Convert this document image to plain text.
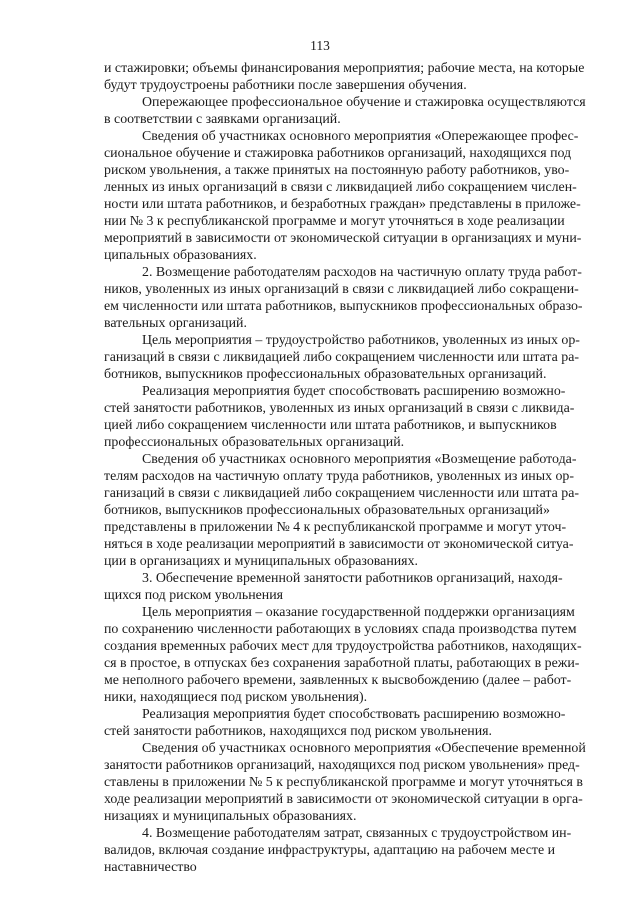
113

и стажировки; объемы финансирования мероприятия; рабочие места, на которые
будут трудоустроены работники после завершения обучения.

Опережающее профессиональное обучение и стажировка осуществляются
в соответствии с заявками организаций.

Сведения об участниках основного мероприятия «Опережающее профес-
сиональное обучение и стажировка работников организаций, находящихся под
риском увольнения, а также принятых на постоянную работу работников, уво-
ленных из иных организаций в связи с ликвидацией либо сокращением числен-
ности или штата работников, и безработных граждан» представлены в приложе-
нии № 3 к республиканской программе и могут уточняться в ходе реализации
мероприятий в зависимости от экономической ситуации в организациях и муни-
ципальных образованиях.

2. Возмещение работодателям расходов на частичную оплату труда работ-
ников, уволенных из иных организаций в связи с ликвидацией либо сокращени-
ем численности или штата работников, выпускников профессиональных образо-
вательных организаций.

Цель мероприятия – трудоустройство работников, уволенных из иных ор-
ганизаций в связи с ликвидацией либо сокращением численности или штата ра-
ботников, выпускников профессиональных образовательных организаций.

Реализация мероприятия будет способствовать расширению возможно-
стей занятости работников, уволенных из иных организаций в связи с ликвида-
цией либо сокращением численности или штата работников, и выпускников
профессиональных образовательных организаций.

Сведения об участниках основного мероприятия «Возмещение работода-
телям расходов на частичную оплату труда работников, уволенных из иных ор-
ганизаций в связи с ликвидацией либо сокращением численности или штата ра-
ботников, выпускников профессиональных образовательных организаций»
представлены в приложении № 4 к республиканской программе и могут уточ-
няться в ходе реализации мероприятий в зависимости от экономической ситуа-
ции в организациях и муниципальных образованиях.

3. Обеспечение временной занятости работников организаций, находя-
щихся под риском увольнения

Цель мероприятия – оказание государственной поддержки организациям
по сохранению численности работающих в условиях спада производства путем
создания временных рабочих мест для трудоустройства работников, находящих-
ся в простое, в отпусках без сохранения заработной платы, работающих в режи-
ме неполного рабочего времени, заявленных к высвобождению (далее – работ-
ники, находящиеся под риском увольнения).

Реализация мероприятия будет способствовать расширению возможно-
стей занятости работников, находящихся под риском увольнения.

Сведения об участниках основного мероприятия «Обеспечение временной
занятости работников организаций, находящихся под риском увольнения» пред-
ставлены в приложении № 5 к республиканской программе и могут уточняться в
ходе реализации мероприятий в зависимости от экономической ситуации в орга-
низациях и муниципальных образованиях.

4. Возмещение работодателям затрат, связанных с трудоустройством ин-
валидов, включая создание инфраструктуры, адаптацию на рабочем месте и
наставничество
